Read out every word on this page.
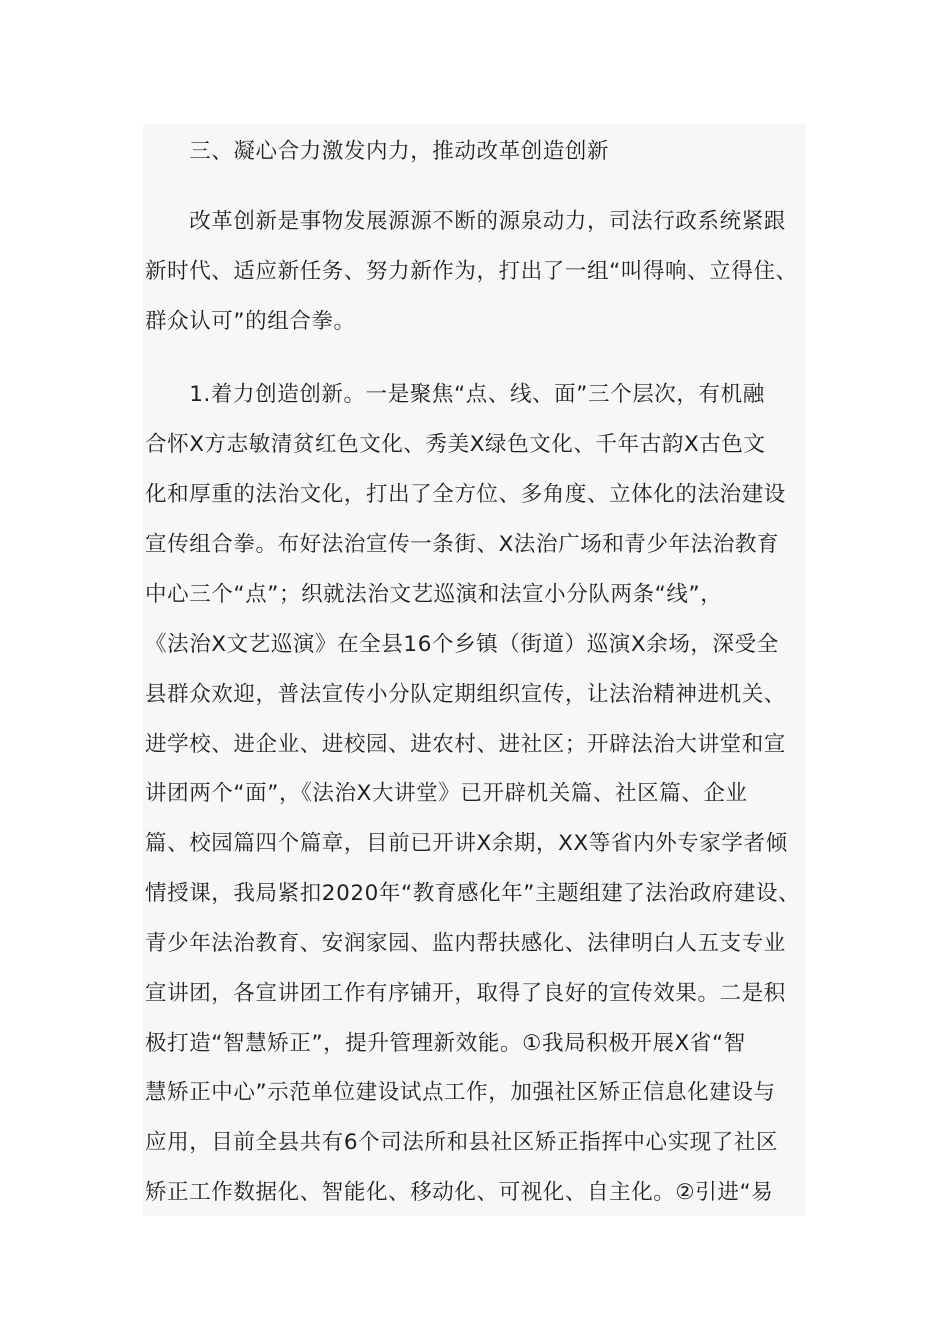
　　三、凝心合力激发内力，推动改革创造创新
　　改革创新是事物发展源源不断的源泉动力，司法行政系统紧跟
新时代、适应新任务、努力新作为，打出了一组“叫得响、立得住、
群众认可”的组合拳。
　　1.着力创造创新。一是聚焦“点、线、面”三个层次，有机融
合怀X方志敏清贫红色文化、秀美X绿色文化、千年古韵X古色文
化和厚重的法治文化，打出了全方位、多角度、立体化的法治建设
宣传组合拳。布好法治宣传一条街、X法治广场和青少年法治教育
中心三个“点”；织就法治文艺巡演和法宣小分队两条“线”，
《法治X文艺巡演》在全县16个乡镇（街道）巡演X余场，深受全
县群众欢迎，普法宣传小分队定期组织宣传，让法治精神进机关、
进学校、进企业、进校园、进农村、进社区；开辟法治大讲堂和宣
讲团两个“面”，《法治X大讲堂》已开辟机关篇、社区篇、企业
篇、校园篇四个篇章，目前已开讲X余期，XX等省内外专家学者倾
情授课，我局紧扣2020年“教育感化年”主题组建了法治政府建设、
青少年法治教育、安润家园、监内帮扶感化、法律明白人五支专业
宣讲团，各宣讲团工作有序铺开，取得了良好的宣传效果。二是积
极打造“智慧矫正”，提升管理新效能。①我局积极开展X省“智
慧矫正中心”示范单位建设试点工作，加强社区矫正信息化建设与
应用，目前全县共有6个司法所和县社区矫正指挥中心实现了社区
矫正工作数据化、智能化、移动化、可视化、自主化。②引进“易
